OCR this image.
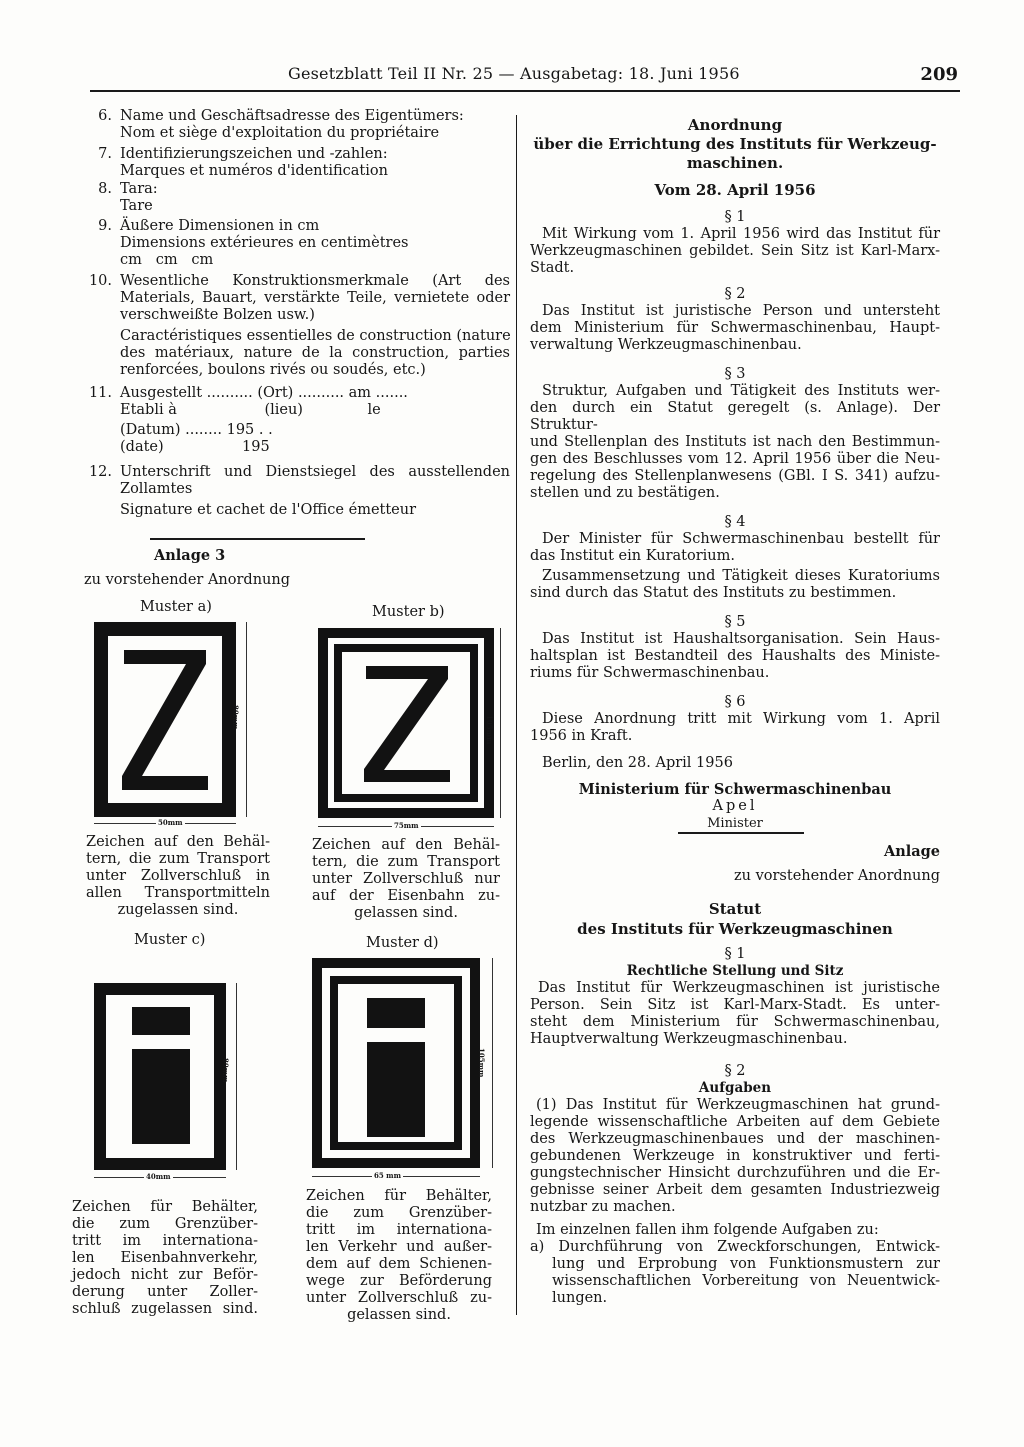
Gesetzblatt Teil II Nr. 25 — Ausgabetag: 18. Juni 1956	209
6. Name und Geschäftsadresse des Eigentümers:
Nom et siège d'exploitation du propriétaire
7. Identifizierungszeichen und -zahlen:
Marques et numéros d'identification
8. Tara:
Tare
9. Äußere Dimensionen in cm
Dimensions extérieures en centimètres
cm   cm   cm
10. Wesentliche Konstruktionsmerkmale (Art des
Materials, Bauart, verstärkte Teile, vernietete oder
verschweißte Bolzen usw.)
Caractéristiques essentielles de construction (nature
des matériaux, nature de la construction, parties
renforcées, boulons rivés ou soudés, etc.)
11. Ausgestellt .......... (Ort) .......... am .......
Etabli à                   (lieu)              le
(Datum) ........ 195 . .
(date)                 195
12. Unterschrift und Dienstsiegel des ausstellenden
Zollamtes
Signature et cachet de l'Office émetteur
Anlage 3
zu vorstehender Anordnung
Muster a)
80mm
50mm
Zeichen auf den Behäl-
tern, die zum Transport
unter Zollverschluß in
allen Transportmitteln
zugelassen sind.
Muster b)
105mm
75mm
Zeichen auf den Behäl-
tern, die zum Transport
unter Zollverschluß nur
auf der Eisenbahn zu-
gelassen sind.
Muster c)
80mm
40mm
Zeichen für Behälter,
die zum Grenzüber-
tritt im internationa-
len Eisenbahnverkehr,
jedoch nicht zur Beför-
derung unter Zoller-
schluß zugelassen sind.
Muster d)
105mm
65 mm
Zeichen für Behälter,
die zum Grenzüber-
tritt im internationa-
len Verkehr und außer-
dem auf dem Schienen-
wege zur Beförderung
unter Zollverschluß zu-
gelassen sind.
Anordnung
über die Errichtung des Instituts für Werkzeug-
maschinen.
Vom 28. April 1956
§ 1
Mit Wirkung vom 1. April 1956 wird das Institut für
Werkzeugmaschinen gebildet. Sein Sitz ist Karl-Marx-
Stadt.
§ 2
Das Institut ist juristische Person und untersteht
dem Ministerium für Schwermaschinenbau, Haupt-
verwaltung Werkzeugmaschinenbau.
§ 3
Struktur, Aufgaben und Tätigkeit des Instituts wer-
den durch ein Statut geregelt (s. Anlage). Der Struktur-
und Stellenplan des Instituts ist nach den Bestimmun-
gen des Beschlusses vom 12. April 1956 über die Neu-
regelung des Stellenplanwesens (GBl. I S. 341) aufzu-
stellen und zu bestätigen.
§ 4
Der Minister für Schwermaschinenbau bestellt für
das Institut ein Kuratorium.
Zusammensetzung und Tätigkeit dieses Kuratoriums
sind durch das Statut des Instituts zu bestimmen.
§ 5
Das Institut ist Haushaltsorganisation. Sein Haus-
haltsplan ist Bestandteil des Haushalts des Ministe-
riums für Schwermaschinenbau.
§ 6
Diese Anordnung tritt mit Wirkung vom 1. April
1956 in Kraft.
Berlin, den 28. April 1956
Ministerium für Schwermaschinenbau
Apel
Minister
Anlage
zu vorstehender Anordnung
Statut
des Instituts für Werkzeugmaschinen
§ 1
Rechtliche Stellung und Sitz
Das Institut für Werkzeugmaschinen ist juristische
Person. Sein Sitz ist Karl-Marx-Stadt. Es unter-
steht dem Ministerium für Schwermaschinenbau,
Hauptverwaltung Werkzeugmaschinenbau.
§ 2
Aufgaben
(1) Das Institut für Werkzeugmaschinen hat grund-
legende wissenschaftliche Arbeiten auf dem Gebiete
des Werkzeugmaschinenbaues und der maschinen-
gebundenen Werkzeuge in konstruktiver und ferti-
gungstechnischer Hinsicht durchzuführen und die Er-
gebnisse seiner Arbeit dem gesamten Industriezweig
nutzbar zu machen.
Im einzelnen fallen ihm folgende Aufgaben zu:
a) Durchführung von Zweckforschungen, Entwick-
lung und Erprobung von Funktionsmustern zur
wissenschaftlichen Vorbereitung von Neuentwick-
lungen.
